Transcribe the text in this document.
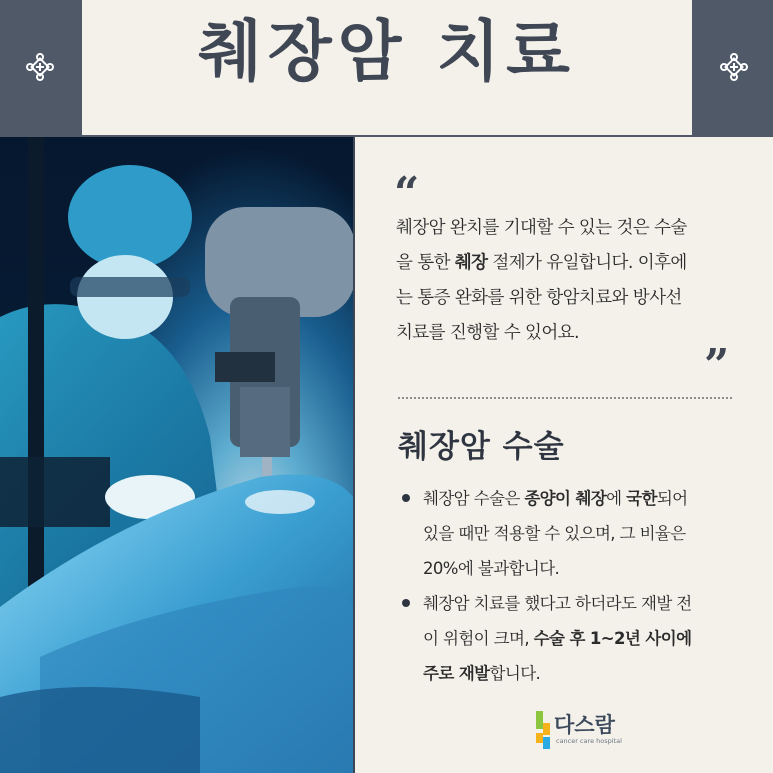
췌장암 치료
“
췌장암 완치를 기대할 수 있는 것은 수술
을 통한 췌장 절제가 유일합니다. 이후에
는 통증 완화를 위한 항암치료와 방사선
치료를 진행할 수 있어요.
”
췌장암 수술
췌장암 수술은 종양이 췌장에 국한되어
있을 때만 적용할 수 있으며, 그 비율은
20%에 불과합니다.
췌장암 치료를 했다고 하더라도 재발 전
이 위험이 크며, 수술 후 1~2년 사이에
주로 재발합니다.
다스람
cancer care hospital
